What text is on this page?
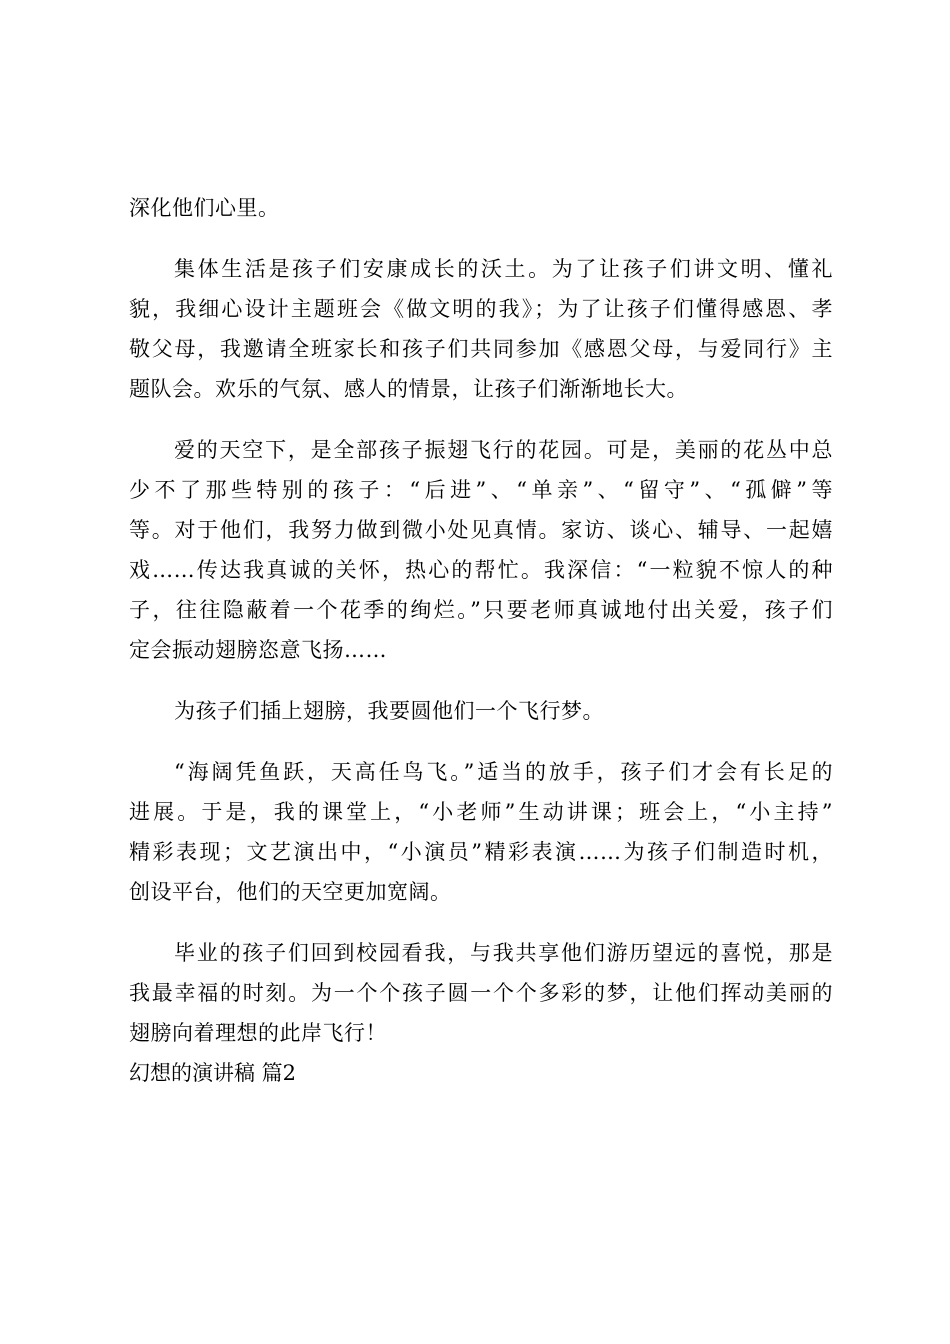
深化他们心里。
集体生活是孩子们安康成长的沃土。为了让孩子们讲文明、懂礼
貌，我细心设计主题班会《做文明的我》；为了让孩子们懂得感恩、孝
敬父母，我邀请全班家长和孩子们共同参加《感恩父母，与爱同行》主
题队会。欢乐的气氛、感人的情景，让孩子们渐渐地长大。
爱的天空下，是全部孩子振翅飞行的花园。可是，美丽的花丛中总
少不了那些特别的孩子：“后进”、“单亲”、“留守”、“孤僻”等
等。对于他们，我努力做到微小处见真情。家访、谈心、辅导、一起嬉
戏……传达我真诚的关怀，热心的帮忙。我深信：“一粒貌不惊人的种
子，往往隐蔽着一个花季的绚烂。”只要老师真诚地付出关爱，孩子们
定会振动翅膀恣意飞扬……
为孩子们插上翅膀，我要圆他们一个飞行梦。
“海阔凭鱼跃，天高任鸟飞。”适当的放手，孩子们才会有长足的
进展。于是，我的课堂上，“小老师”生动讲课；班会上，“小主持”
精彩表现；文艺演出中，“小演员”精彩表演……为孩子们制造时机，
创设平台，他们的天空更加宽阔。
毕业的孩子们回到校园看我，与我共享他们游历望远的喜悦，那是
我最幸福的时刻。为一个个孩子圆一个个多彩的梦，让他们挥动美丽的
翅膀向着理想的此岸飞行！
幻想的演讲稿 篇2
